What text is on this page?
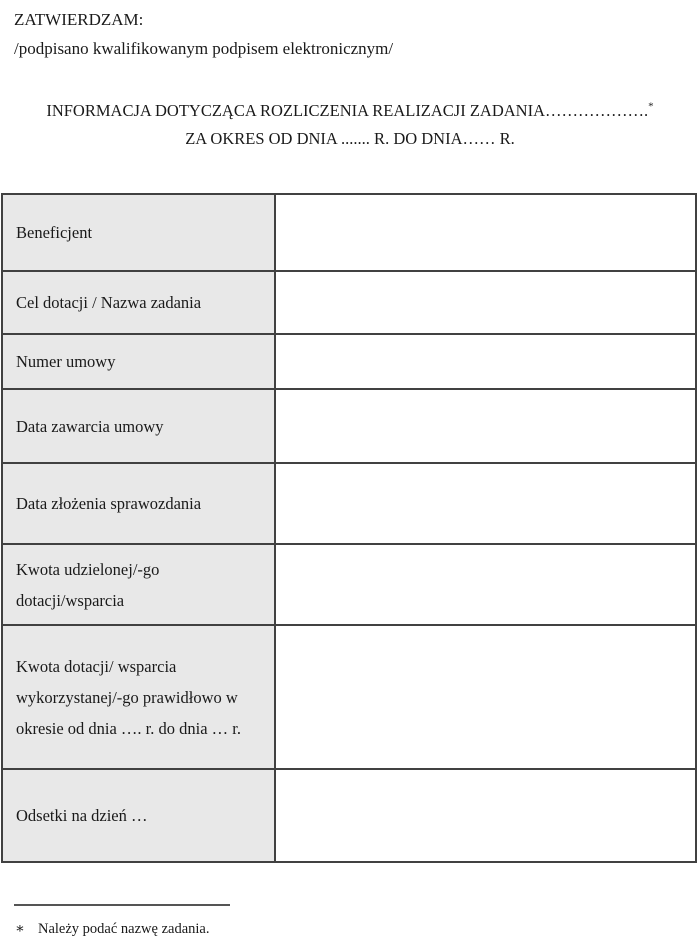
ZATWIERDZAM:
/podpisano kwalifikowanym podpisem elektronicznym/
INFORMACJA DOTYCZĄCA ROZLICZENIA REALIZACJI ZADANIA……………….*
ZA OKRES OD DNIA ....... R. DO DNIA…… R.
Beneficjent	
Cel dotacji / Nazwa zadania	
Numer umowy	
Data zawarcia umowy	
Data złożenia sprawozdania	
Kwota udzielonej/-go dotacji/wsparcia	
Kwota dotacji/ wsparcia wykorzystanej/-go prawidłowo w okresie od dnia …. r. do dnia … r.	
Odsetki na dzień …	
∗ Należy podać nazwę zadania.
